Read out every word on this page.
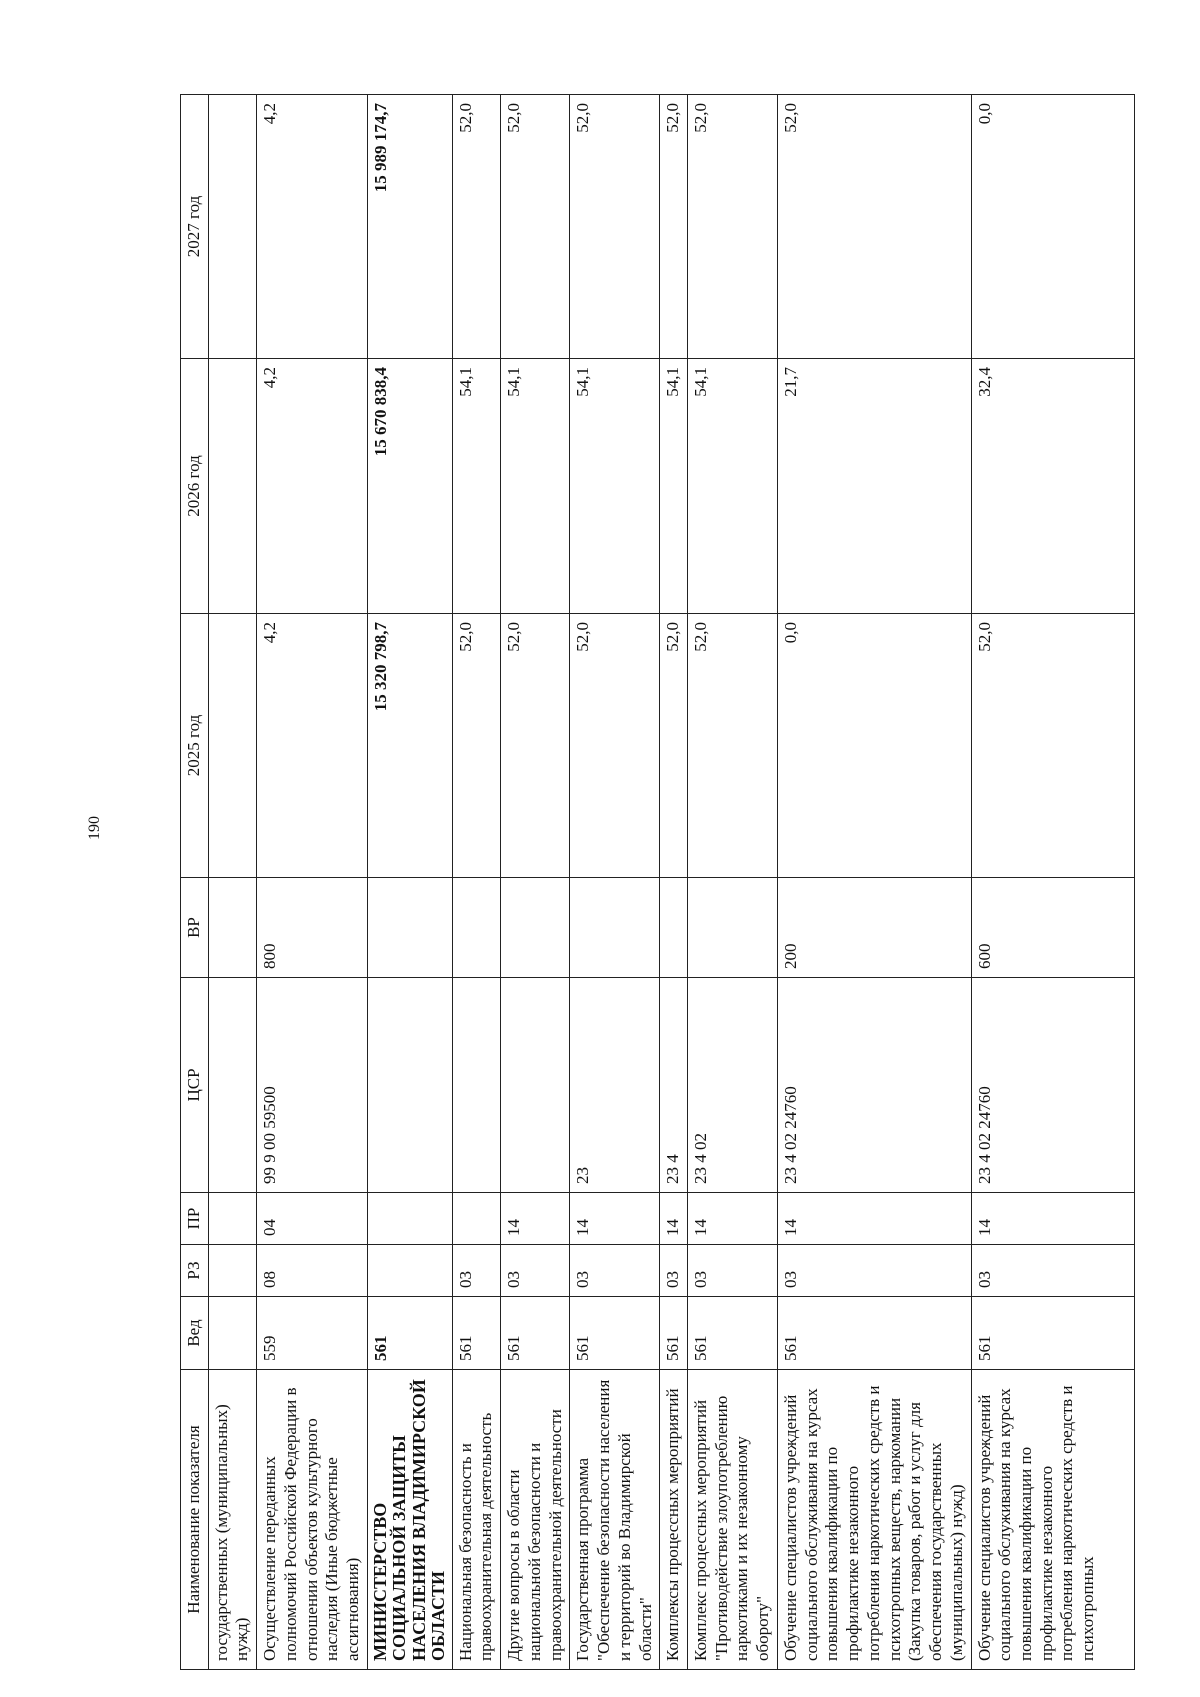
190
Наименование показателя	Вед	РЗ	ПР	ЦСР	ВР	2025 год	2026 год	2027 год
государственных (муниципальных) нужд)								
Осуществление переданных полномочий Российской Федерации в отношении объектов культурного наследия (Иные бюджетные ассигнования)	559	08	04	99 9 00 59500	800	4,2	4,2	4,2
МИНИСТЕРСТВО СОЦИАЛЬНОЙ ЗАЩИТЫ НАСЕЛЕНИЯ ВЛАДИМИРСКОЙ ОБЛАСТИ	561					15 320 798,7	15 670 838,4	15 989 174,7
Национальная безопасность и правоохранительная деятельность	561	03				52,0	54,1	52,0
Другие вопросы в области национальной безопасности и правоохранительной деятельности	561	03	14			52,0	54,1	52,0
Государственная программа "Обеспечение безопасности населения и территорий во Владимирской области"	561	03	14	23		52,0	54,1	52,0
Комплексы процессных мероприятий	561	03	14	23 4		52,0	54,1	52,0
Комплекс процессных мероприятий "Противодействие злоупотреблению наркотиками и их незаконному обороту"	561	03	14	23 4 02		52,0	54,1	52,0
Обучение специалистов учреждений социального обслуживания на курсах повышения квалификации по профилактике незаконного потребления наркотических средств и психотропных веществ, наркомании (Закупка товаров, работ и услуг для обеспечения государственных (муниципальных) нужд)	561	03	14	23 4 02 24760	200	0,0	21,7	52,0
Обучение специалистов учреждений социального обслуживания на курсах повышения квалификации по профилактике незаконного потребления наркотических средств и психотропных	561	03	14	23 4 02 24760	600	52,0	32,4	0,0
